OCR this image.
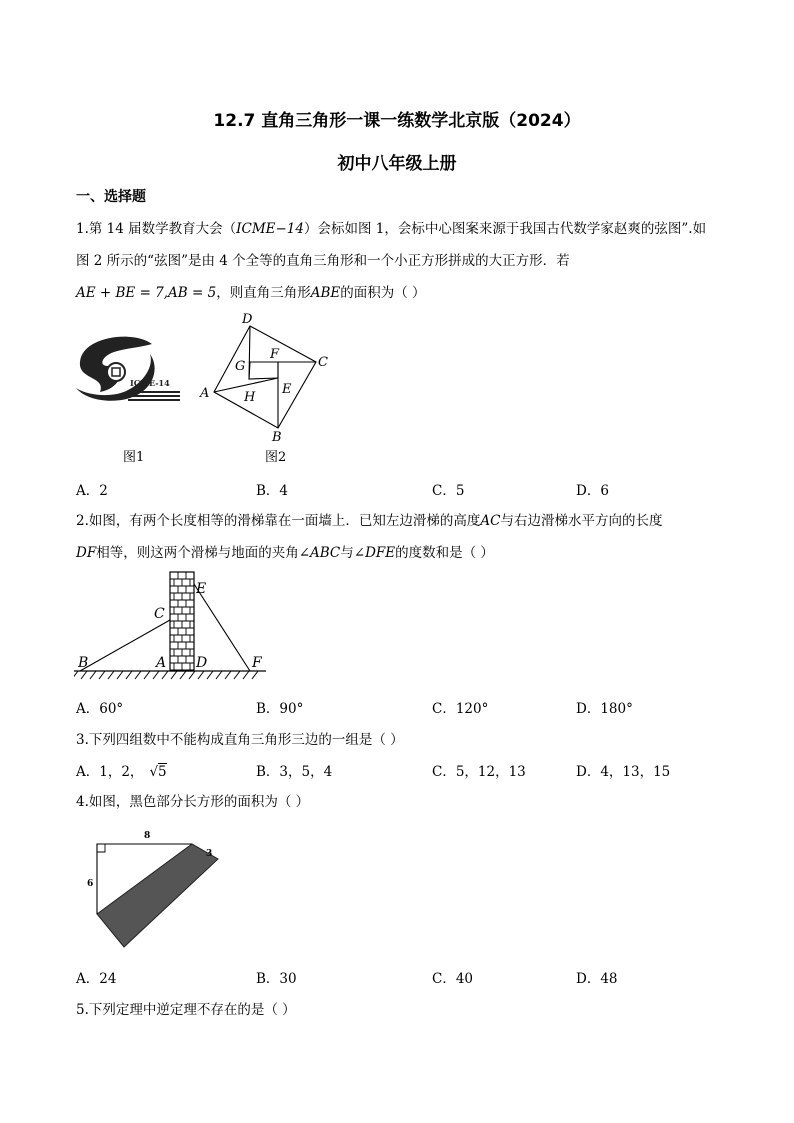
12.7 直角三角形一课一练数学北京版（2024）
初中八年级上册
一、选择题
1.第 14 届数学教育大会（ICME−14）会标如图 1，会标中心图案来源于我国古代数学家赵爽的弦图”.如
图 2 所示的“弦图”是由 4 个全等的直角三角形和一个小正方形拼成的大正方形．若
AE + BE = 7,AB = 5，则直角三角形ABE的面积为（ ）
ICME-14
图1
D
C
A
B
F
G
E
H
图2
A．2	B．4	C．5	D．6
2.如图，有两个长度相等的滑梯靠在一面墙上．已知左边滑梯的高度AC与右边滑梯水平方向的长度
DF相等，则这两个滑梯与地面的夹角∠ABC与∠DFE的度数和是（ ）
B	A
C
D
E
F
A．60°	B．90°	C．120°	D．180°
3.下列四组数中不能构成直角三角形三边的一组是（ ）
A．1，2， √5	B．3，5，4	C．5，12，13	D．4，13，15
4.如图，黑色部分长方形的面积为（ ）
8
6
3
A．24	B．30	C．40	D．48
5.下列定理中逆定理不存在的是（ ）
